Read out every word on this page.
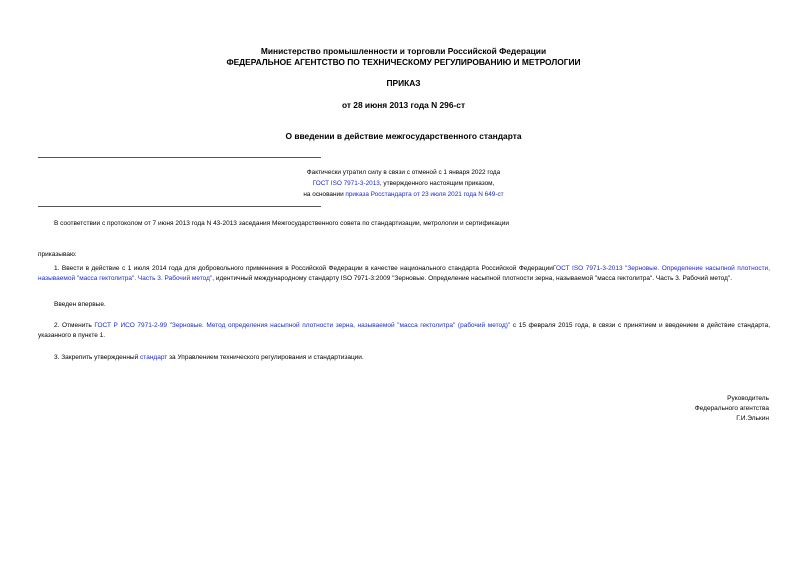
Министерство промышленности и торговли Российской Федерации
ФЕДЕРАЛЬНОЕ АГЕНТСТВО ПО ТЕХНИЧЕСКОМУ РЕГУЛИРОВАНИЮ И МЕТРОЛОГИИ
ПРИКАЗ
от 28 июня 2013 года N 296-ст
О введении в действие межгосударственного стандарта
Фактически утратил силу в связи с отменой с 1 января 2022 года
ГОСТ ISO 7971-3-2013, утвержденного настоящим приказом,
на основании приказа Росстандарта от 23 июля 2021 года N 649-ст
В соответствии с протоколом от 7 июня 2013 года N 43-2013 заседания Межгосударственного совета по стандартизации, метрологии и сертификации
приказываю:
1. Ввести в действие с 1 июля 2014 года для добровольного применения в Российской Федерации в качестве национального стандарта Российской ФедерацииГОСТ ISO 7971-3-2013 "Зерновые. Определение насыпной плотности, называемой "масса гектолитра". Часть 3. Рабочий метод", идентичный международному стандарту ISO 7971-3:2009 "Зерновые. Определение насыпной плотности зерна, называемой "масса гектолитра". Часть 3. Рабочий метод".
Введен впервые.
2. Отменить ГОСТ Р ИСО 7971-2-99 "Зерновые. Метод определения насыпной плотности зерна, называемой "масса гектолитра" (рабочий метод)" с 15 февраля 2015 года, в связи с принятием и введением в действие стандарта, указанного в пункте 1.
3. Закрепить утвержденный стандарт за Управлением технического регулирования и стандартизации.
Руководитель
Федерального агентства
Г.И.Элькин
